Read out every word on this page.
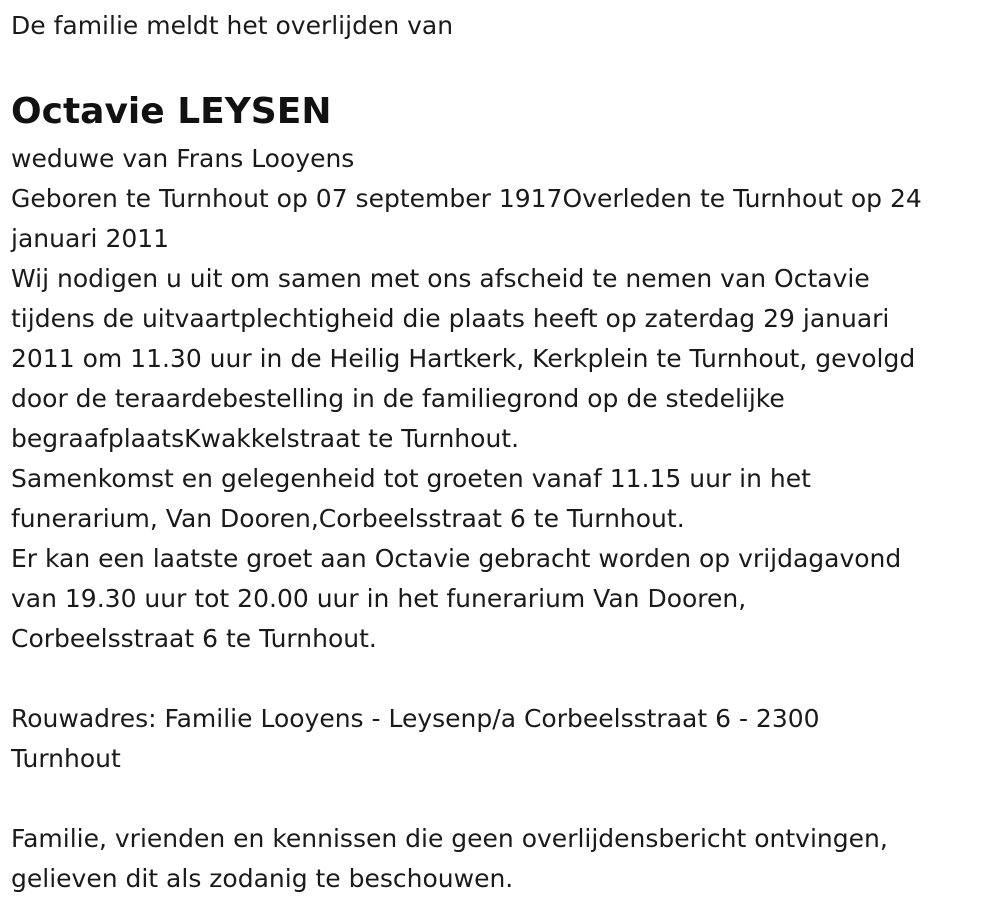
De familie meldt het overlijden van
Octavie LEYSEN
weduwe van Frans Looyens
Geboren te Turnhout op 07 september 1917Overleden te Turnhout op 24
januari 2011
Wij nodigen u uit om samen met ons afscheid te nemen van Octavie
tijdens de uitvaartplechtigheid die plaats heeft op zaterdag 29 januari
2011 om 11.30 uur in de Heilig Hartkerk, Kerkplein te Turnhout, gevolgd
door de teraardebestelling in de familiegrond op de stedelijke
begraafplaatsKwakkelstraat te Turnhout.
Samenkomst en gelegenheid tot groeten vanaf 11.15 uur in het
funerarium, Van Dooren,Corbeelsstraat 6 te Turnhout.
Er kan een laatste groet aan Octavie gebracht worden op vrijdagavond
van 19.30 uur tot 20.00 uur in het funerarium Van Dooren,
Corbeelsstraat 6 te Turnhout.
Rouwadres: Familie Looyens - Leysenp/a Corbeelsstraat 6 - 2300
Turnhout
Familie, vrienden en kennissen die geen overlijdensbericht ontvingen,
gelieven dit als zodanig te beschouwen.
